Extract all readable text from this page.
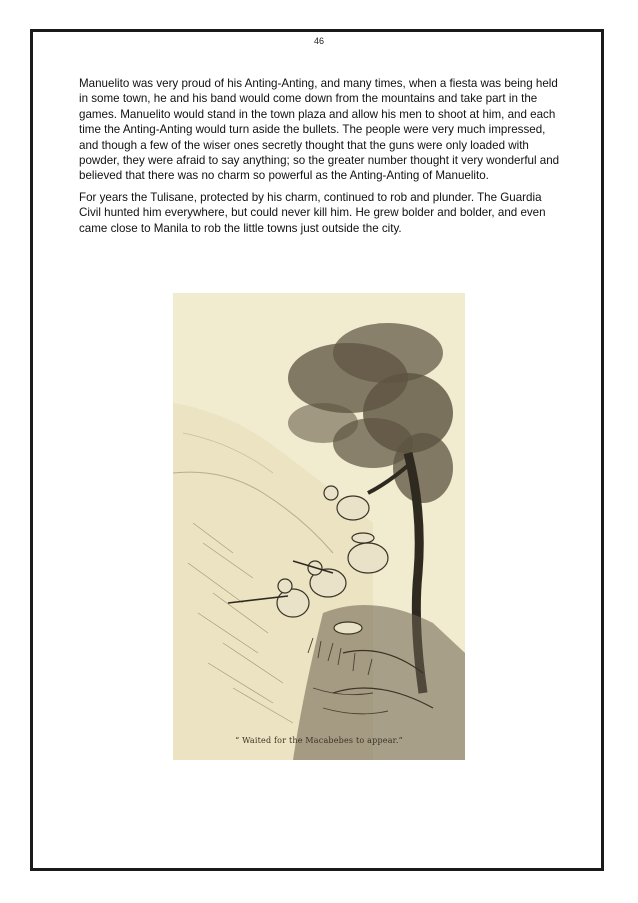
46

Manuelito was very proud of his Anting-Anting, and many times, when a fiesta was being held in some town, he and his band would come down from the mountains and take part in the games. Manuelito would stand in the town plaza and allow his men to shoot at him, and each time the Anting-Anting would turn aside the bullets. The people were very much impressed, and though a few of the wiser ones secretly thought that the guns were only loaded with powder, they were afraid to say anything; so the greater number thought it very wonderful and believed that there was no charm so powerful as the Anting-Anting of Manuelito.

For years the Tulisane, protected by his charm, continued to rob and plunder. The Guardia Civil hunted him everywhere, but could never kill him. He grew bolder and bolder, and even came close to Manila to rob the little towns just outside the city.

“ Waited for the Macabebes to appear.”
